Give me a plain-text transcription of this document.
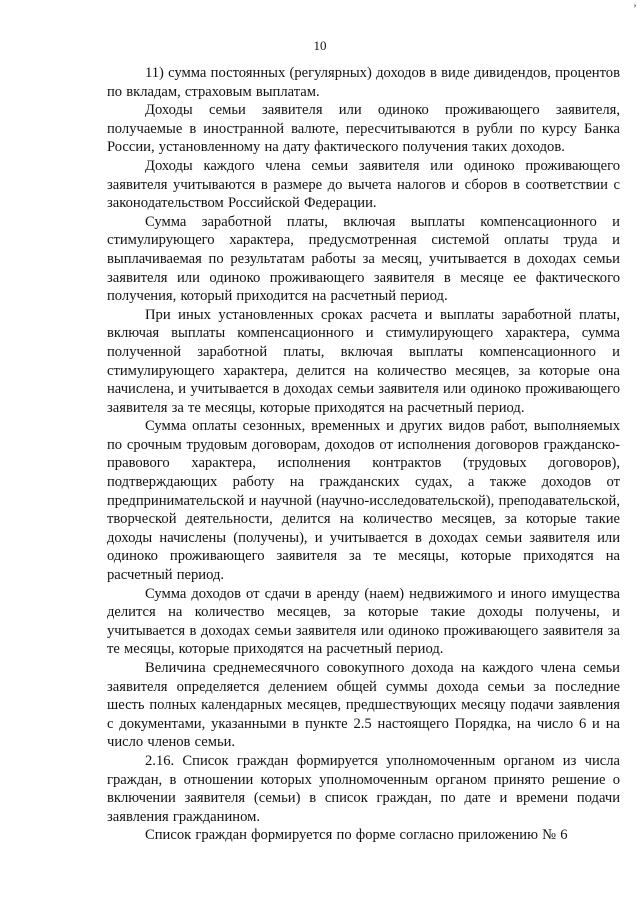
’
10

11) сумма постоянных (регулярных) доходов в виде дивидендов, процентов по вкладам, страховым выплатам.

Доходы семьи заявителя или одиноко проживающего заявителя, получаемые в иностранной валюте, пересчитываются в рубли по курсу Банка России, установленному на дату фактического получения таких доходов.

Доходы каждого члена семьи заявителя или одиноко проживающего заявителя учитываются в размере до вычета налогов и сборов в соответствии с законодательством Российской Федерации.

Сумма заработной платы, включая выплаты компенсационного и стимулирующего характера, предусмотренная системой оплаты труда и выплачиваемая по результатам работы за месяц, учитывается в доходах семьи заявителя или одиноко проживающего заявителя в месяце ее фактического получения, который приходится на расчетный период.

При иных установленных сроках расчета и выплаты заработной платы, включая выплаты компенсационного и стимулирующего характера, сумма полученной заработной платы, включая выплаты компенсационного и стимулирующего характера, делится на количество месяцев, за которые она начислена, и учитывается в доходах семьи заявителя или одиноко проживающего заявителя за те месяцы, которые приходятся на расчетный период.

Сумма оплаты сезонных, временных и других видов работ, выполняемых по срочным трудовым договорам, доходов от исполнения договоров гражданско-правового характера, исполнения контрактов (трудовых договоров), подтверждающих работу на гражданских судах, а также доходов от предпринимательской и научной (научно-исследовательской), преподавательской, творческой деятельности, делится на количество месяцев, за которые такие доходы начислены (получены), и учитывается в доходах семьи заявителя или одиноко проживающего заявителя за те месяцы, которые приходятся на расчетный период.

Сумма доходов от сдачи в аренду (наем) недвижимого и иного имущества делится на количество месяцев, за которые такие доходы получены, и учитывается в доходах семьи заявителя или одиноко проживающего заявителя за те месяцы, которые приходятся на расчетный период.

Величина среднемесячного совокупного дохода на каждого члена семьи заявителя определяется делением общей суммы дохода семьи за последние шесть полных календарных месяцев, предшествующих месяцу подачи заявления с документами, указанными в пункте 2.5 настоящего Порядка, на число 6 и на число членов семьи.

2.16. Список граждан формируется уполномоченным органом из числа граждан, в отношении которых уполномоченным органом принято решение о включении заявителя (семьи) в список граждан, по дате и времени подачи заявления гражданином.

Список граждан формируется по форме согласно приложению № 6
